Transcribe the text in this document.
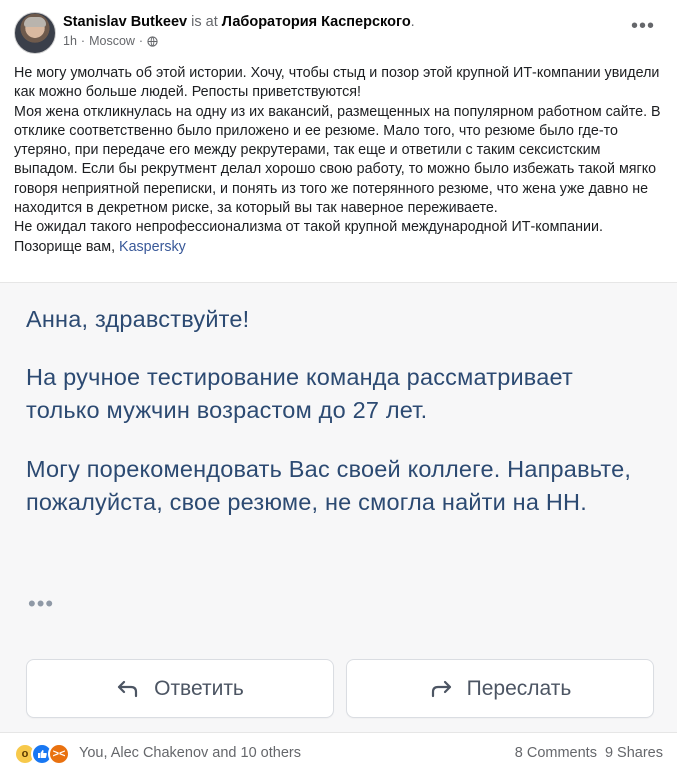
Stanislav Butkeev is at Лаборатория Касперского.
1h · Moscow ·
•••

Не могу умолчать об этой истории. Хочу, чтобы стыд и позор этой крупной ИТ-компании увидели как можно больше людей. Репосты приветствуются!

Моя жена откликнулась на одну из их вакансий, размещенных на популярном работном сайте. В отклике соответственно было приложено и ее резюме. Мало того, что резюме было где-то утеряно, при передаче его между рекрутерами, так еще и ответили с таким сексистским выпадом. Если бы рекрутмент делал хорошо свою работу, то можно было избежать такой мягко говоря неприятной переписки, и понять из того же потерянного резюме, что жена уже давно не находится в декретном риске, за который вы так наверное переживаете.

Не ожидал такого непрофессионализма от такой крупной международной ИТ-компании.

Позорище вам, Kaspersky

Анна, здравствуйте!
На ручное тестирование команда рассматривает только мужчин возрастом до 27 лет.
Могу порекомендовать Вас своей коллеге. Направьте, пожалуйста, свое резюме, не смогла найти на HH.
•••
Ответить	Переслать
o	>< You, Alec Chakenov and 10 others	8 Comments 9 Shares
